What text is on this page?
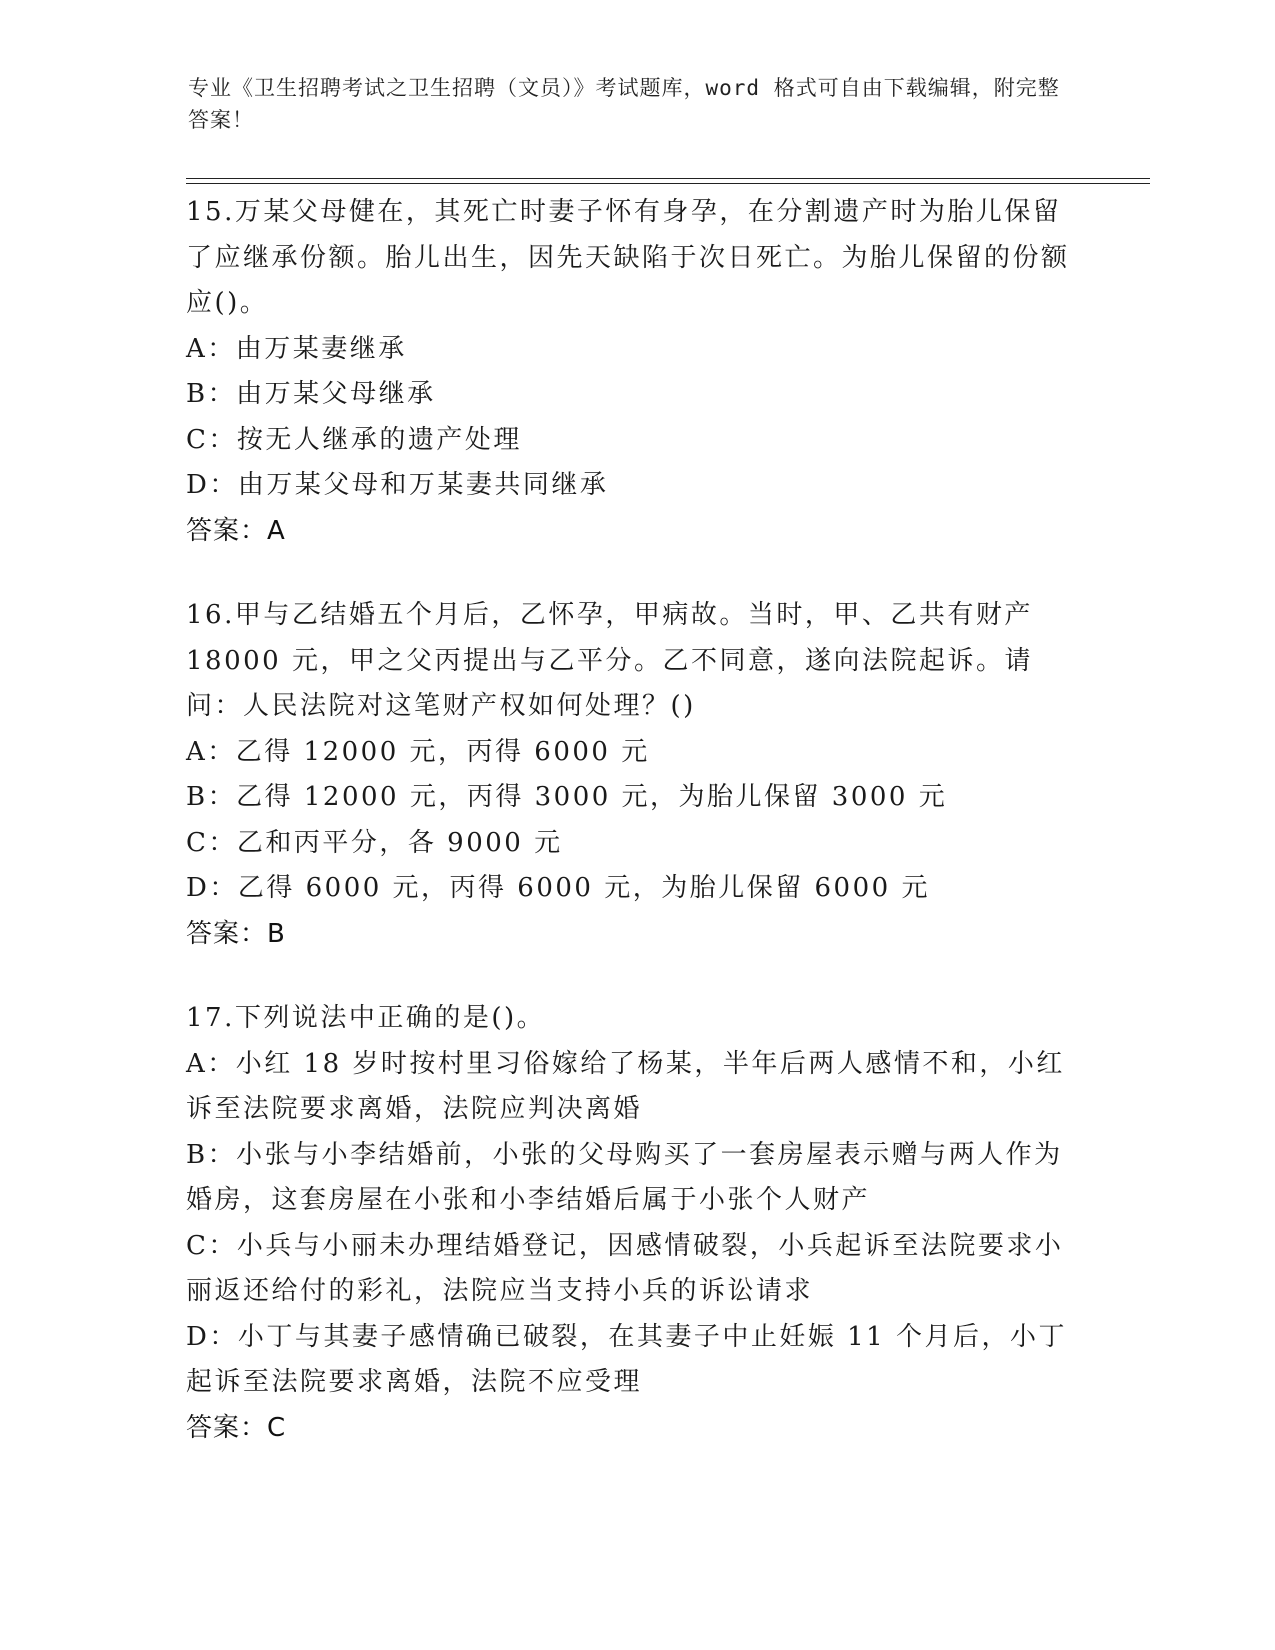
专业《卫生招聘考试之卫生招聘（文员）》考试题库，word 格式可自由下载编辑，附完整答案！
15.万某父母健在，其死亡时妻子怀有身孕，在分割遗产时为胎儿保留了应继承份额。胎儿出生，因先天缺陷于次日死亡。为胎儿保留的份额应()。
A：由万某妻继承
B：由万某父母继承
C：按无人继承的遗产处理
D：由万某父母和万某妻共同继承
答案：A
16.甲与乙结婚五个月后，乙怀孕，甲病故。当时，甲、乙共有财产18000 元，甲之父丙提出与乙平分。乙不同意，遂向法院起诉。请问：人民法院对这笔财产权如何处理？()
A：乙得 12000 元，丙得 6000 元
B：乙得 12000 元，丙得 3000 元，为胎儿保留 3000 元
C：乙和丙平分，各 9000 元
D：乙得 6000 元，丙得 6000 元，为胎儿保留 6000 元
答案：B
17.下列说法中正确的是()。
A：小红 18 岁时按村里习俗嫁给了杨某，半年后两人感情不和，小红诉至法院要求离婚，法院应判决离婚
B：小张与小李结婚前，小张的父母购买了一套房屋表示赠与两人作为婚房，这套房屋在小张和小李结婚后属于小张个人财产
C：小兵与小丽未办理结婚登记，因感情破裂，小兵起诉至法院要求小丽返还给付的彩礼，法院应当支持小兵的诉讼请求
D：小丁与其妻子感情确已破裂，在其妻子中止妊娠 11 个月后，小丁起诉至法院要求离婚，法院不应受理
答案：C
